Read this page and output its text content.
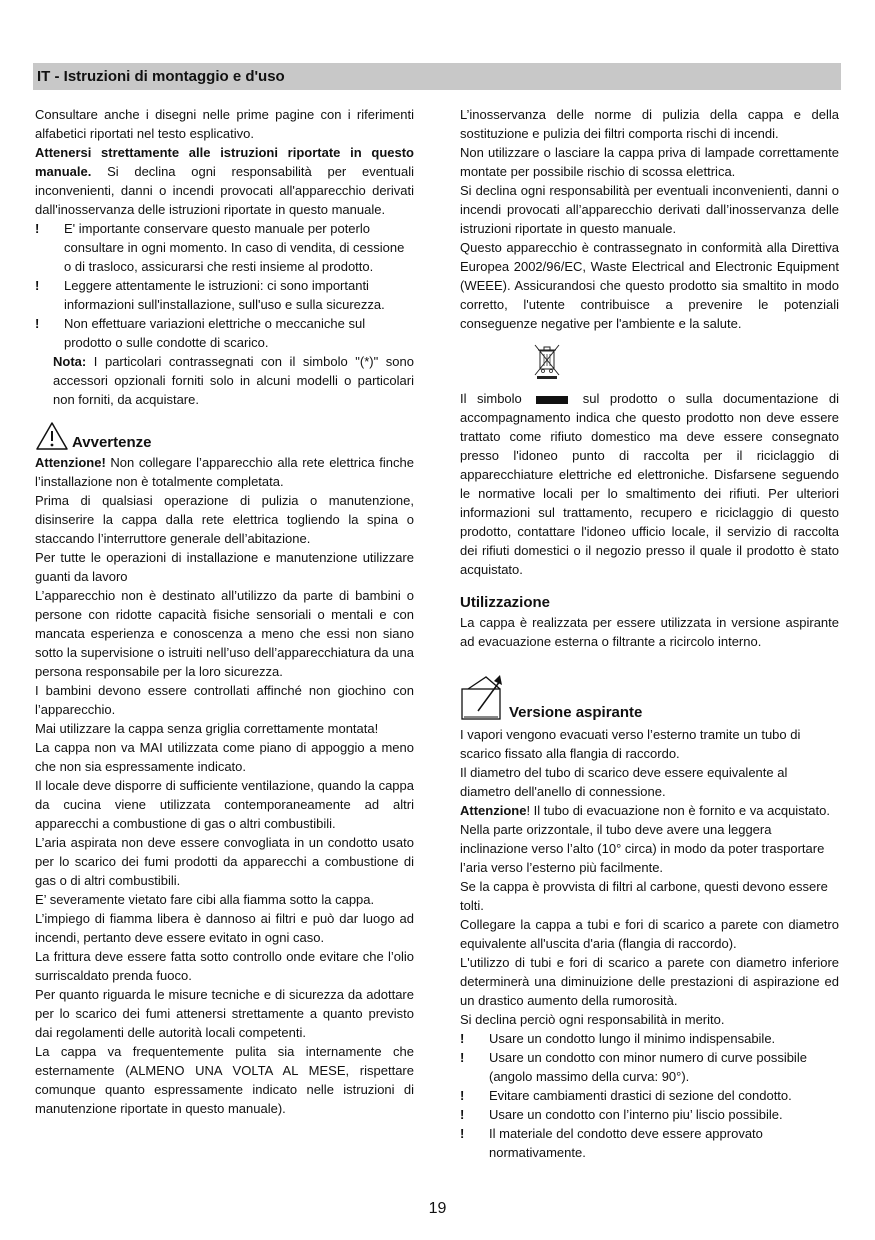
IT - Istruzioni di montaggio e d'uso

Consultare anche i disegni nelle prime pagine con i riferimenti alfabetici riportati nel testo esplicativo.

Attenersi strettamente alle istruzioni riportate in questo manuale. Si declina ogni responsabilità per eventuali inconvenienti, danni o incendi provocati all'apparecchio derivati dall'inosservanza delle istruzioni riportate in questo manuale.

! E' importante conservare questo manuale per poterlo consultare in ogni momento. In caso di vendita, di cessione o di trasloco, assicurarsi che resti insieme al prodotto.
! Leggere attentamente le istruzioni: ci sono importanti informazioni sull'installazione, sull'uso e sulla sicurezza.
! Non effettuare variazioni elettriche o meccaniche sul prodotto o sulle condotte di scarico.

Nota: I particolari contrassegnati con il simbolo "(*)" sono accessori opzionali forniti solo in alcuni modelli o particolari non forniti, da acquistare.

Avvertenze

Attenzione! Non collegare l’apparecchio alla rete elettrica finche l’installazione non è totalmente completata.

Prima di qualsiasi operazione di pulizia o manutenzione, disinserire la cappa dalla rete elettrica togliendo la spina o staccando l’interruttore generale dell’abitazione.

Per tutte le operazioni di installazione e manutenzione utilizzare guanti da lavoro

L’apparecchio non è destinato all’utilizzo da parte di bambini o persone con ridotte capacità fisiche sensoriali o mentali e con mancata esperienza e conoscenza a meno che essi non siano sotto la supervisione o istruiti nell’uso dell’apparecchiatura da una persona responsabile per la loro sicurezza.

I bambini devono essere controllati affinché non giochino con l’apparecchio.

Mai utilizzare la cappa senza griglia correttamente montata!

La cappa non va MAI utilizzata come piano di appoggio a meno che non sia espressamente indicato.

Il locale deve disporre di sufficiente ventilazione, quando la cappa da cucina viene utilizzata contemporaneamente ad altri apparecchi a combustione di gas o altri combustibili.

L’aria aspirata non deve essere convogliata in un condotto usato per lo scarico dei fumi prodotti da apparecchi a combustione di gas o di altri combustibili.

E’ severamente vietato fare cibi alla fiamma sotto la cappa.

L’impiego di fiamma libera è dannoso ai filtri e può dar luogo ad incendi, pertanto deve essere evitato in ogni caso.

La frittura deve essere fatta sotto controllo onde evitare che l’olio surriscaldato prenda fuoco.

Per quanto riguarda le misure tecniche e di sicurezza da adottare per lo scarico dei fumi attenersi strettamente a quanto previsto dai regolamenti delle autorità locali competenti.

La cappa va frequentemente pulita sia internamente che esternamente (ALMENO UNA VOLTA AL MESE, rispettare comunque quanto espressamente indicato nelle istruzioni di manutenzione riportate in questo manuale).

L’inosservanza delle norme di pulizia della cappa e della sostituzione e pulizia dei filtri comporta rischi di incendi.

Non utilizzare o lasciare la cappa priva di lampade correttamente montate per possibile rischio di scossa elettrica.

Si declina ogni responsabilità per eventuali inconvenienti, danni o incendi provocati all’apparecchio derivati dall’inosservanza delle istruzioni riportate in questo manuale.

Questo apparecchio è contrassegnato in conformità alla Direttiva Europea 2002/96/EC, Waste Electrical and Electronic Equipment (WEEE). Assicurandosi che questo prodotto sia smaltito in modo corretto, l'utente contribuisce a prevenire le potenziali conseguenze negative per l'ambiente e la salute.

Il simbolo	sul prodotto o sulla documentazione di accompagnamento indica che questo prodotto non deve essere trattato come rifiuto domestico ma deve essere consegnato presso l'idoneo punto di raccolta per il riciclaggio di apparecchiature elettriche ed elettroniche. Disfarsene seguendo le normative locali per lo smaltimento dei rifiuti. Per ulteriori informazioni sul trattamento, recupero e riciclaggio di questo prodotto, contattare l'idoneo ufficio locale, il servizio di raccolta dei rifiuti domestici o il negozio presso il quale il prodotto è stato acquistato.

Utilizzazione

La cappa è realizzata per essere utilizzata in versione aspirante ad evacuazione esterna o filtrante a ricircolo interno.

Versione aspirante

I vapori vengono evacuati verso l’esterno tramite un tubo di scarico fissato alla flangia di raccordo.

Il diametro del tubo di scarico deve essere equivalente al diametro dell'anello di connessione.

Attenzione! Il tubo di evacuazione non è fornito e va acquistato.

Nella parte orizzontale, il tubo deve avere una leggera inclinazione verso l’alto (10° circa) in modo da poter trasportare l’aria verso l’esterno più facilmente.

Se la cappa è provvista di filtri al carbone, questi devono essere tolti.

Collegare la cappa a tubi e fori di scarico a parete con diametro equivalente all'uscita d'aria (flangia di raccordo).

L'utilizzo di tubi e fori di scarico a parete con diametro inferiore determinerà una diminuizione delle prestazioni di aspirazione ed un drastico aumento della rumorosità.

Si declina perciò ogni responsabilità in merito.

! Usare un condotto lungo il minimo indispensabile.
! Usare un condotto con minor numero di curve possibile (angolo massimo della curva: 90°).
! Evitare cambiamenti drastici di sezione del condotto.
! Usare un condotto con l’interno piu’ liscio possibile.
! Il materiale del condotto deve essere approvato normativamente.
19
